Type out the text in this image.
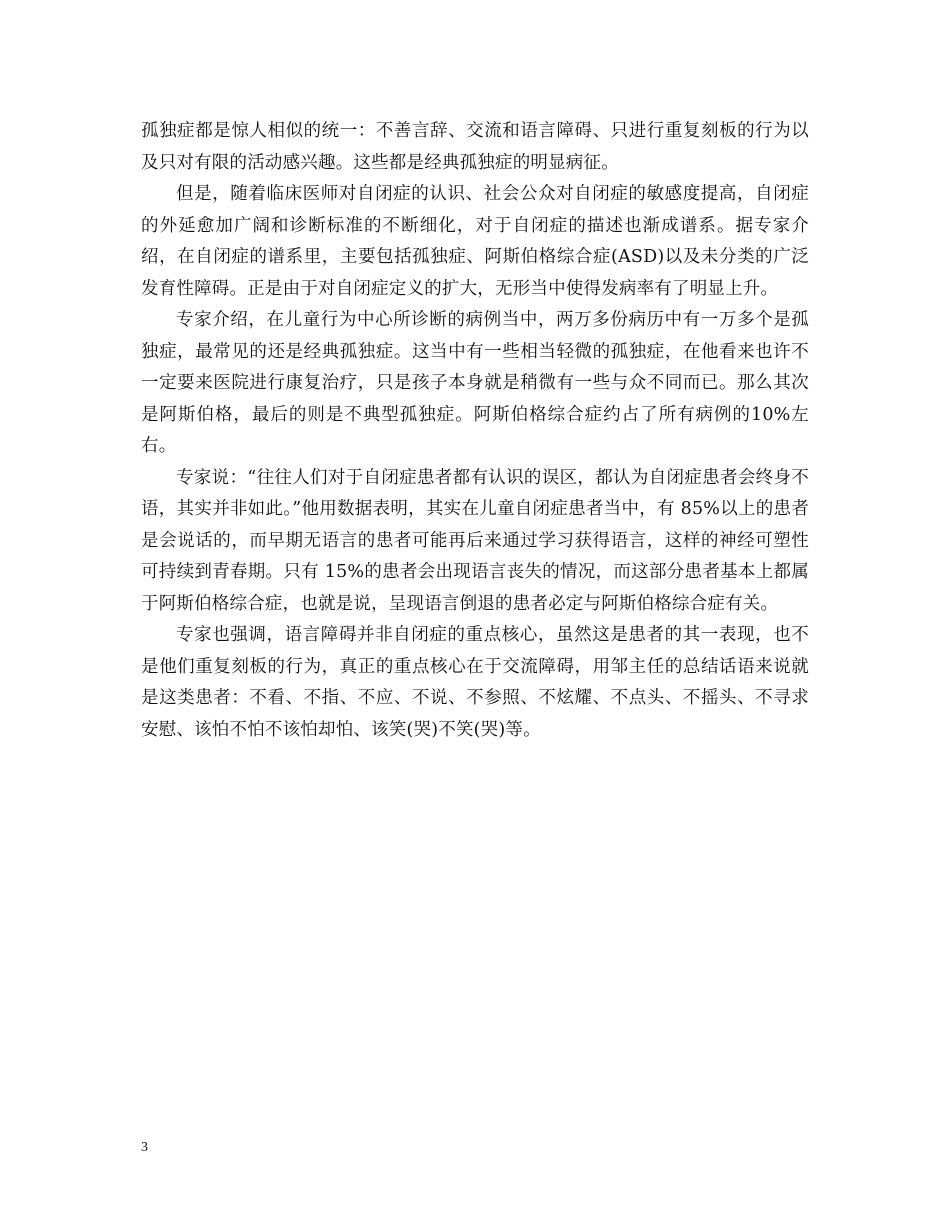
孤独症都是惊人相似的统一：不善言辞、交流和语言障碍、只进行重复刻板的行为以及只对有限的活动感兴趣。这些都是经典孤独症的明显病征。

但是，随着临床医师对自闭症的认识、社会公众对自闭症的敏感度提高，自闭症的外延愈加广阔和诊断标准的不断细化，对于自闭症的描述也渐成谱系。据专家介绍，在自闭症的谱系里，主要包括孤独症、阿斯伯格综合症(ASD)以及未分类的广泛发育性障碍。正是由于对自闭症定义的扩大，无形当中使得发病率有了明显上升。

专家介绍，在儿童行为中心所诊断的病例当中，两万多份病历中有一万多个是孤独症，最常见的还是经典孤独症。这当中有一些相当轻微的孤独症，在他看来也许不一定要来医院进行康复治疗，只是孩子本身就是稍微有一些与众不同而已。那么其次是阿斯伯格，最后的则是不典型孤独症。阿斯伯格综合症约占了所有病例的10%左右。

专家说：“往往人们对于自闭症患者都有认识的误区，都认为自闭症患者会终身不语，其实并非如此。”他用数据表明，其实在儿童自闭症患者当中，有 85%以上的患者是会说话的，而早期无语言的患者可能再后来通过学习获得语言，这样的神经可塑性可持续到青春期。只有 15%的患者会出现语言丧失的情况，而这部分患者基本上都属于阿斯伯格综合症，也就是说，呈现语言倒退的患者必定与阿斯伯格综合症有关。

专家也强调，语言障碍并非自闭症的重点核心，虽然这是患者的其一表现，也不是他们重复刻板的行为，真正的重点核心在于交流障碍，用邹主任的总结话语来说就是这类患者：不看、不指、不应、不说、不参照、不炫耀、不点头、不摇头、不寻求安慰、该怕不怕不该怕却怕、该笑(哭)不笑(哭)等。

3
